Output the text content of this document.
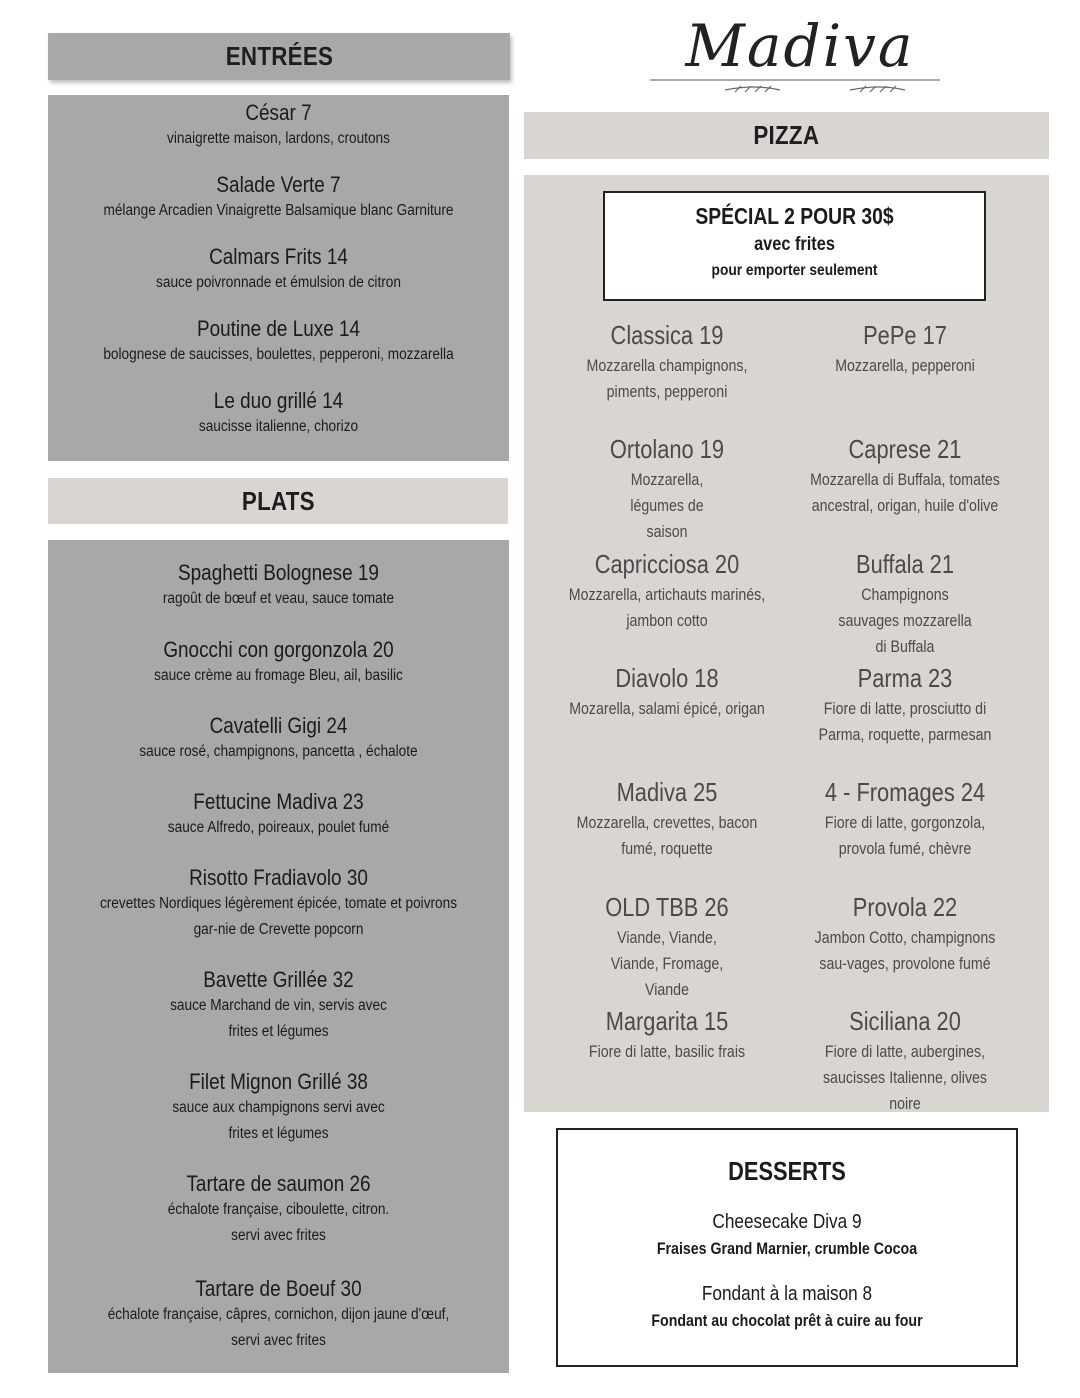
Madiva
ENTRÉES
César 7
vinaigrette maison, lardons, croutons
Salade Verte 7
mélange Arcadien Vinaigrette Balsamique blanc Garniture
Calmars Frits 14
sauce poivronnade et émulsion de citron
Poutine de Luxe 14
bolognese de saucisses, boulettes, pepperoni, mozzarella
Le duo grillé 14
saucisse italienne, chorizo
PLATS
Spaghetti Bolognese 19
ragoût de bœuf et veau, sauce tomate
Gnocchi con gorgonzola 20
sauce crème au fromage Bleu, ail, basilic
Cavatelli Gigi 24
sauce rosé, champignons, pancetta , échalote
Fettucine Madiva 23
sauce Alfredo, poireaux, poulet fumé
Risotto Fradiavolo 30
crevettes Nordiques légèrement épicée, tomate et poivrons gar-nie de Crevette popcorn
Bavette Grillée 32
sauce Marchand de vin, servis avec frites et légumes
Filet Mignon Grillé 38
sauce aux champignons servi avec frites et légumes
Tartare de saumon 26
échalote française, ciboulette, citron. servi avec frites
Tartare de Boeuf 30
échalote française, câpres, cornichon, dijon jaune d'œuf, servi avec frites
PIZZA
SPÉCIAL 2 POUR 30$
avec frites
pour emporter seulement
Classica 19
Mozzarella champignons, piments, pepperoni
PePe 17
Mozzarella, pepperoni
Ortolano 19
Mozzarella, légumes de saison
Caprese 21
Mozzarella di Buffala, tomates ancestral, origan, huile d'olive
Capricciosa 20
Mozzarella, artichauts marinés, jambon cotto
Buffala 21
Champignons sauvages mozzarella di Buffala
Diavolo 18
Mozarella, salami épicé, origan
Parma 23
Fiore di latte, prosciutto di Parma, roquette, parmesan
Madiva 25
Mozzarella, crevettes, bacon fumé, roquette
4 - Fromages 24
Fiore di latte, gorgonzola, provola fumé, chèvre
OLD TBB 26
Viande, Viande, Viande, Fromage, Viande
Provola 22
Jambon Cotto, champignons sau-vages, provolone fumé
Margarita 15
Fiore di latte, basilic frais
Siciliana 20
Fiore di latte, aubergines, saucisses Italienne, olives noire
DESSERTS
Cheesecake Diva 9
Fraises Grand Marnier, crumble Cocoa
Fondant à la maison 8
Fondant au chocolat prêt à cuire au four
